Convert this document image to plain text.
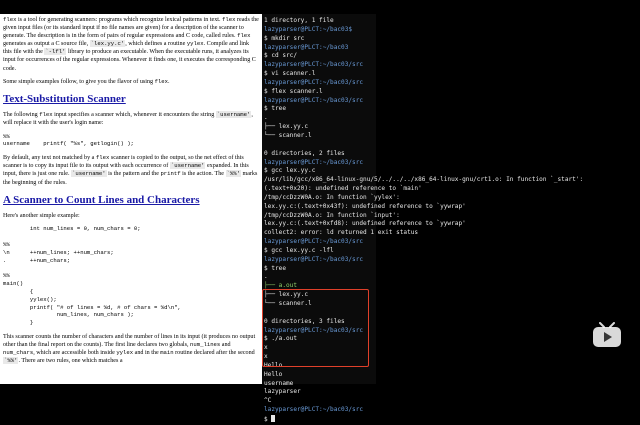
flex is a tool for generating scanners: programs which recognize lexical patterns in text. flex reads the given input files (or its standard input if no file names are given) for a description of the scanner to generate. The description is in the form of pairs of regular expressions and C code, called rules. flex generates as output a C source file, `lex.yy.c', which defines a routine yylex. Compile and link this file with the `-lfl' library to produce an executable. When the executable runs, it analyzes its input for occurrences of the regular expressions. Whenever it finds one, it executes the corresponding C code.

Some simple examples follow, to give you the flavor of using flex.

Text-Substitution Scanner

The following flex input specifies a scanner which, whenever it encounters the string `username', will replace it with the user's login name:

%%
username    printf( "%s", getlogin() );

By default, any text not matched by a flex scanner is copied to the output, so the net effect of this scanner is to copy its input file to its output with each occurrence of `username' expanded. In this input, there is just one rule. `username' is the pattern and the printf is the action. The `%%' marks the beginning of the rules.

A Scanner to Count Lines and Characters

Here's another simple example:

int num_lines = 0, num_chars = 0;

%%
\n      ++num_lines; ++num_chars;
.       ++num_chars;

%%
main()
{
yylex();
printf( "# of lines = %d, # of chars = %d\n",
num_lines, num_chars );
}

This scanner counts the number of characters and the number of lines in its input (it produces no output other than the final report on the counts). The first line declares two globals, num_lines and num_chars, which are accessible both inside yylex and in the main routine declared after the second `%%'. There are two rules, one which matches a

1 directory, 1 file
lazyparser@PLCT:~/bac03$
$ mkdir src
lazyparser@PLCT:~/bac03
$ cd src/
lazyparser@PLCT:~/bac03/src
$ vi scanner.l
lazyparser@PLCT:~/bac03/src
$ flex scanner.l
lazyparser@PLCT:~/bac03/src
$ tree
.
├── lex.yy.c
└── scanner.l
0 directories, 2 files
lazyparser@PLCT:~/bac03/src
$ gcc lex.yy.c
/usr/lib/gcc/x86_64-linux-gnu/5/../../../x86_64-linux-gnu/crt1.o: In function `_start':
(.text+0x20): undefined reference to `main'
/tmp/ccDzzW0A.o: In function `yylex':
lex.yy.c:(.text+0x43f): undefined reference to `yywrap'
/tmp/ccDzzW0A.o: In function `input':
lex.yy.c:(.text+0xfd8): undefined reference to `yywrap'
collect2: error: ld returned 1 exit status
lazyparser@PLCT:~/bac03/src
$ gcc lex.yy.c -lfl
lazyparser@PLCT:~/bac03/src
$ tree
.
├── a.out
├── lex.yy.c
└── scanner.l
0 directories, 3 files
lazyparser@PLCT:~/bac03/src
$ ./a.out
x
x
Hello
Hello
username
lazyparser
^C
lazyparser@PLCT:~/bac03/src
$
